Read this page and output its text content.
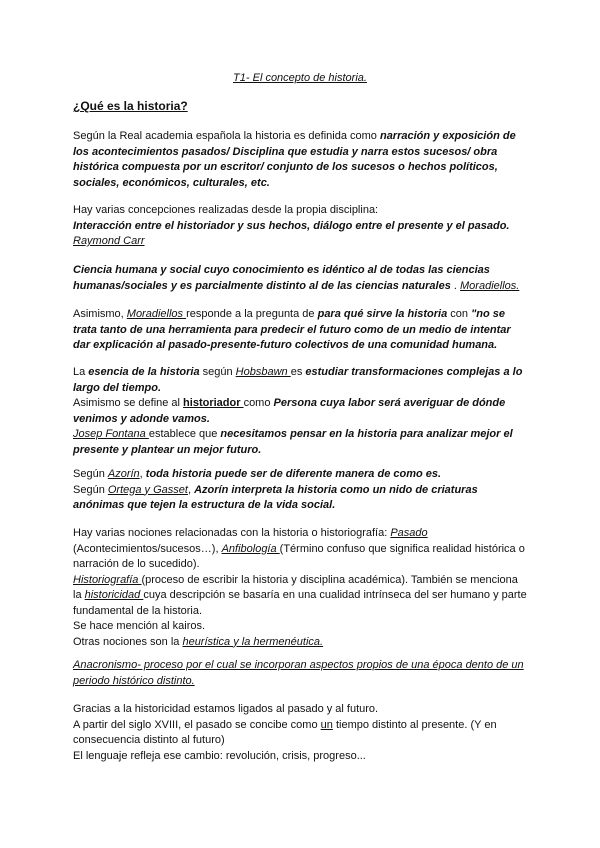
T1- El concepto de historia.
¿Qué es la historia?
Según la Real academia española la historia es definida como narración y exposición de los acontecimientos pasados/ Disciplina que estudia y narra estos sucesos/ obra histórica compuesta por un escritor/ conjunto de los sucesos o hechos políticos, sociales, económicos, culturales, etc.
Hay varias concepciones realizadas desde la propia disciplina:
Interacción entre el historiador y sus hechos, diálogo entre el presente y el pasado.
Raymond Carr
Ciencia humana y social cuyo conocimiento es idéntico al de todas las ciencias humanas/sociales y es parcialmente distinto al de las ciencias naturales . Moradiellos.
Asimismo, Moradiellos responde a la pregunta de para qué sirve la historia con "no se trata tanto de una herramienta para predecir el futuro como de un medio de intentar dar explicación al pasado-presente-futuro colectivos de una comunidad humana.
La esencia de la historia según Hobsbawn es estudiar transformaciones complejas a lo largo del tiempo.
Asimismo se define al historiador como Persona cuya labor será averiguar de dónde venimos y adonde vamos.
Josep Fontana establece que necesitamos pensar en la historia para analizar mejor el presente y plantear un mejor futuro.
Según Azorín, toda historia puede ser de diferente manera de como es.
Según Ortega y Gasset, Azorín interpreta la historia como un nido de criaturas anónimas que tejen la estructura de la vida social.
Hay varias nociones relacionadas con la historia o historiografía: Pasado
(Acontecimientos/sucesos…), Anfibología (Término confuso que significa realidad histórica o narración de lo sucedido).
Historiografía (proceso de escribir la historia y disciplina académica). También se menciona la historicidad cuya descripción se basaría en una cualidad intrínseca del ser humano y parte fundamental de la historia.
Se hace mención al kairos.
Otras nociones son la heurística y la hermenéutica.
Anacronismo- proceso por el cual se incorporan aspectos propios de una época dento de un periodo histórico distinto.
Gracias a la historicidad estamos ligados al pasado y al futuro.
A partir del siglo XVIII, el pasado se concibe como un tiempo distinto al presente. (Y en consecuencia distinto al futuro)
El lenguaje refleja ese cambio: revolución, crisis, progreso...
